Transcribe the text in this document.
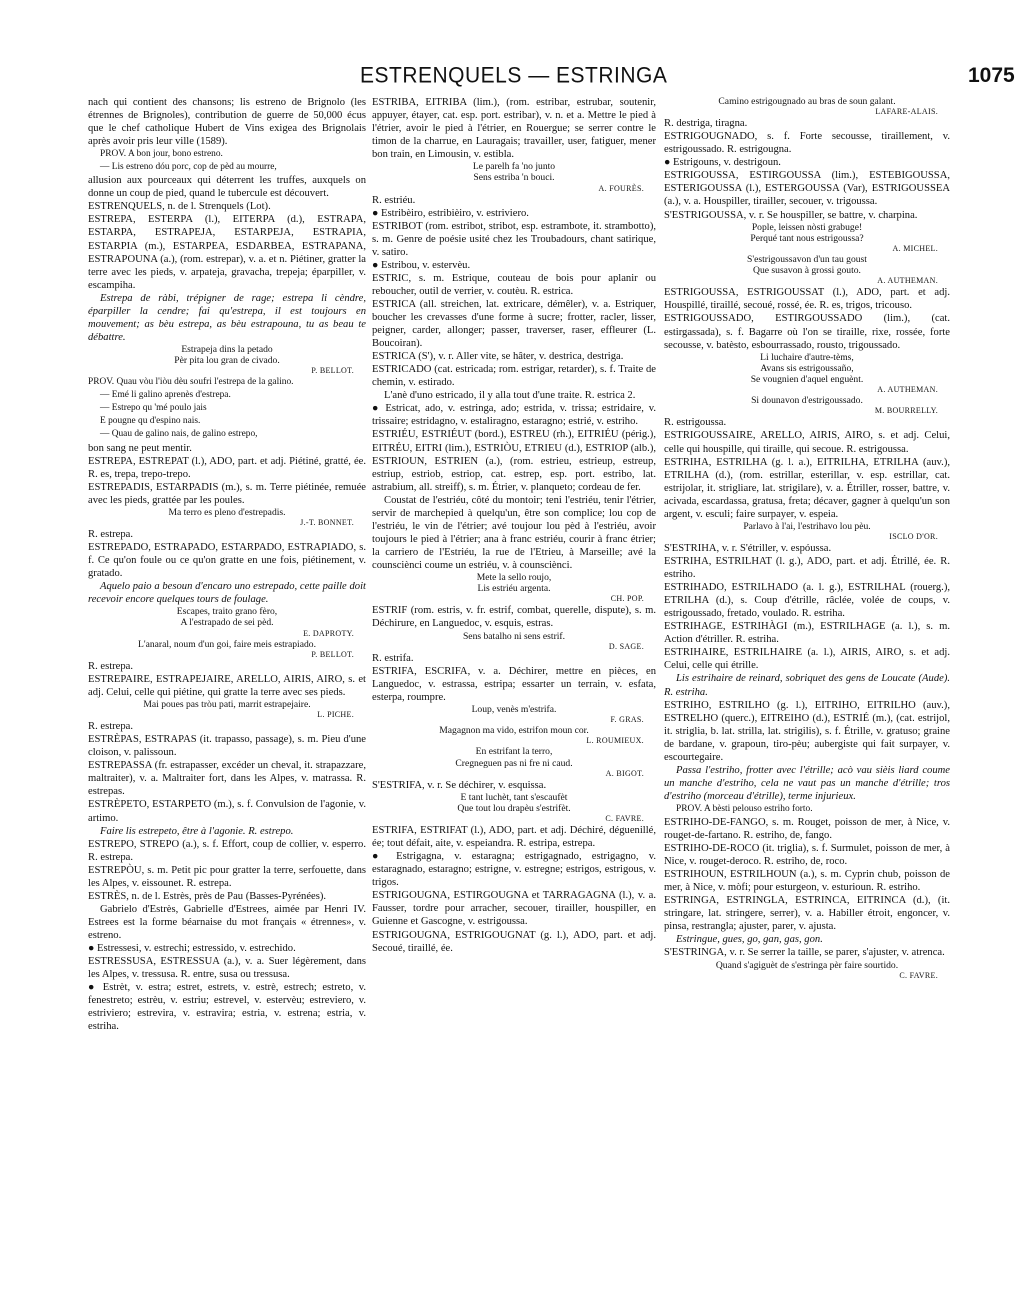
ESTRENQUELS — ESTRINGA	1075

nach qui contient des chansons; lis estreno de Brignolo (les étrennes de Brignoles), contribution de guerre de 50,000 écus que le chef catholique Hubert de Vins exigea des Brignolais après avoir pris leur ville (1589).

PROV. A bon jour, bono estreno.

— Lis estreno dóu porc, cop de pèd au mourre,

allusion aux pourceaux qui déterrent les truffes, auxquels on donne un coup de pied, quand le tubercule est découvert.

ESTRENQUELS, n. de l. Strenquels (Lot).

ESTREPA, ESTERPA (l.), EITERPA (d.), ESTRAPA, ESTARPA, ESTRAPEJA, ESTARPEJA, ESTRAPIA, ESTARPIA (m.), ESTARPEA, ESDARBEA, ESTRAPANA, ESTRAPOUNA (a.), (rom. estrepar), v. a. et n. Piétiner, gratter la terre avec les pieds, v. arpateja, gravacha, trepeja; éparpiller, v. escampiha.

Estrepa de ràbi, trépigner de rage; estrepa li cèndre, éparpiller la cendre; fai qu'estrepa, il est toujours en mouvement; as bèu estrepa, as bèu estrapouna, tu as beau te débattre.

Estrapeja dins la petado

Pèr pita lou gran de civado.

P. BELLOT.

PROV. Quau vòu l'iòu dèu soufri l'estrepa de la galino.

— Emé li galino aprenès d'estrepa.

— Estrepo qu 'mé poulo jais

E pougne qu d'espino nais.

— Quau de galino nais, de galino estrepo,

bon sang ne peut mentir.

ESTREPA, ESTREPAT (l.), ADO, part. et adj. Piétiné, gratté, ée. R. es, trepa, trepo-trepo.

ESTREPADIS, ESTARPADIS (m.), s. m. Terre piétinée, remuée avec les pieds, grattée par les poules.

Ma terro es pleno d'estrepadis.

J.-T. BONNET.

R. estrepa.

ESTREPADO, ESTRAPADO, ESTARPADO, ESTRAPIADO, s. f. Ce qu'on foule ou ce qu'on gratte en une fois, piétinement, v. gratado.

Aquelo paio a besoun d'encaro uno estrepado, cette paille doit recevoir encore quelques tours de foulage.

Escapes, traito grano fèro,

A l'estrapado de sei pèd.

E. DAPROTY.

L'anaral, noum d'un goi, faire meis estrapiado.

P. BELLOT.

R. estrepa.

ESTREPAIRE, ESTRAPEJAIRE, ARELLO, AIRIS, AIRO, s. et adj. Celui, celle qui piétine, qui gratte la terre avec ses pieds.

Mai poues pas tròu pati, marrit estrapejaire.

L. PICHE.

R. estrepa.

ESTRÈPAS, ESTRAPAS (it. trapasso, passage), s. m. Pieu d'une cloison, v. palissoun.

ESTREPASSA (fr. estrapasser, excéder un cheval, it. strapazzare, maltraiter), v. a. Maltraiter fort, dans les Alpes, v. matrassa. R. estrepas.

ESTRÈPETO, ESTARPETO (m.), s. f. Convulsion de l'agonie, v. artimo.

Faire lis estrepeto, être à l'agonie. R. estrepo.

ESTREPO, STREPO (a.), s. f. Effort, coup de collier, v. esperro. R. estrepa.

ESTREPÒU, s. m. Petit pic pour gratter la terre, serfouette, dans les Alpes, v. eissounet. R. estrepa.

ESTRÈS, n. de l. Estrès, près de Pau (Basses-Pyrénées).

Gabrielo d'Estrès, Gabrielle d'Estrees, aimée par Henri IV. Estrees est la forme béarnaise du mot français « étrennes», v. estreno.

● Estressesi, v. estrechi; estressido, v. estrechido.

ESTRESSUSA, ESTRESSUA (a.), v. a. Suer légèrement, dans les Alpes, v. tressusa. R. entre, susa ou tressusa.

● Estrèt, v. estra; estret, estrets, v. estrè, estrech; estreto, v. fenestreto; estrèu, v. estriu; estrevel, v. estervèu; estreviero, v. estriviero; estrevira, v. estravira; estria, v. estrena; estria, v. estriha.

ESTRIBA, EITRIBA (lim.), (rom. estribar, estrubar, soutenir, appuyer, étayer, cat. esp. port. estribar), v. n. et a. Mettre le pied à l'étrier, avoir le pied à l'étrier, en Rouergue; se serrer contre le timon de la charrue, en Lauragais; travailler, user, fatiguer, mener bon train, en Limousin, v. estibla.

Le parelh fa 'no junto

Sens estriba 'n bouci.

A. FOURÈS.

R. estriéu.

● Estribèiro, estribièiro, v. estriviero.

ESTRIBOT (rom. estribot, stribot, esp. estrambote, it. strambotto), s. m. Genre de poésie usité chez les Troubadours, chant satirique, v. satiro.

● Estribou, v. estervèu.

ESTRIC, s. m. Estrique, couteau de bois pour aplanir ou reboucher, outil de verrier, v. coutèu. R. estrica.

ESTRICA (all. streichen, lat. extricare, démêler), v. a. Estriquer, boucher les crevasses d'une forme à sucre; frotter, racler, lisser, peigner, carder, allonger; passer, traverser, raser, effleurer (L. Boucoiran).

ESTRICA (S'), v. r. Aller vite, se hâter, v. destrica, destriga.

ESTRICADO (cat. estricada; rom. estrigar, retarder), s. f. Traite de chemin, v. estirado.

L'anè d'uno estricado, il y alla tout d'une traite. R. estrica 2.

● Estricat, ado, v. estringa, ado; estrida, v. trissa; estridaire, v. trissaire; estridagno, v. estaliragno, estaragno; estrié, v. estriho.

ESTRIÉU, ESTRIÉUT (bord.), ESTREU (rh.), EITRIÉU (périg.), EITRÉU, EITRI (lim.), ESTRIÒU, ETRIEU (d.), ESTRIOP (alb.), ESTRIOUN, ESTRIEN (a.), (rom. estrieu, estrieup, estreup, estriup, estriob, estriop, cat. estrep, esp. port. estribo, lat. astrabium, all. streiff), s. m. Étrier, v. planqueto; cordeau de fer.

Coustat de l'estriéu, côté du montoir; teni l'estriéu, tenir l'étrier, servir de marchepied à quelqu'un, être son complice; lou cop de l'estriéu, le vin de l'étrier; avé toujour lou pèd à l'estriéu, avoir toujours le pied à l'étrier; ana à franc estriéu, courir à franc étrier; la carriero de l'Estriéu, la rue de l'Etrieu, à Marseille; avé la counsciènci coume un estriéu, v. à counsciènci.

Mete la sello roujo,

Lis estriéu argenta.

CH. POP.

ESTRIF (rom. estris, v. fr. estrif, combat, querelle, dispute), s. m. Déchirure, en Languedoc, v. esquis, estras.

Sens batalho ni sens estrif.

D. SAGE.

R. estrifa.

ESTRIFA, ESCRIFA, v. a. Déchirer, mettre en pièces, en Languedoc, v. estrassa, estripa; essarter un terrain, v. esfata, esterpa, roumpre.

Loup, venès m'estrifa.

F. GRAS.

Magagnon ma vido, estrifon moun cor.

L. ROUMIEUX.

En estrifant la terro,

Cregneguen pas ni fre ni caud.

A. BIGOT.

S'ESTRIFA, v. r. Se déchirer, v. esquissa.

E tant luchèt, tant s'escaufèt

Que tout lou drapèu s'estrifèt.

C. FAVRE.

ESTRIFA, ESTRIFAT (l.), ADO, part. et adj. Déchiré, déguenillé, ée; tout défait, aite, v. espeiandra. R. estripa, estrepa.

● Estrigagna, v. estaragna; estrigagnado, estrigagno, v. estaragnado, estaragno; estrigne, v. estregne; estrigos, estrigous, v. trigos.

ESTRIGOUGNA, ESTIRGOUGNA et TARRAGAGNA (l.), v. a. Fausser, tordre pour arracher, secouer, tirailler, houspiller, en Guienne et Gascogne, v. estrigoussa.

ESTRIGOUGNA, ESTRIGOUGNAT (g. l.), ADO, part. et adj. Secoué, tiraillé, ée.

Camino estrigougnado au bras de soun galant.

LAFARE-ALAIS.

R. destriga, tiragna.

ESTRIGOUGNADO, s. f. Forte secousse, tiraillement, v. estrigoussado. R. estrigougna.

● Estrigouns, v. destrigoun.

ESTRIGOUSSA, ESTIRGOUSSA (lim.), ESTEBIGOUSSA, ESTERIGOUSSA (l.), ESTERGOUSSA (Var), ESTRIGOUSSEA (a.), v. a. Houspiller, tirailler, secouer, v. trigoussa.

S'ESTRIGOUSSA, v. r. Se houspiller, se battre, v. charpina.

Pople, leissen nòsti grabuge!

Perqué tant nous estrigoussa?

A. MICHEL.

S'estrigoussavon d'un tau goust

Que susavon à grossi gouto.

A. AUTHEMAN.

ESTRIGOUSSA, ESTRIGOUSSAT (l.), ADO, part. et adj. Houspillé, tiraillé, secoué, rossé, ée. R. es, trigos, tricouso.

ESTRIGOUSSADO, ESTIRGOUSSADO (lim.), (cat. estirgassada), s. f. Bagarre où l'on se tiraille, rixe, rossée, forte secousse, v. batèsto, esbourrassado, rousto, trigoussado.

Li luchaire d'autre-tèms,

Avans sis estrigoussaño,

Se vougnien d'aquel enguènt.

A. AUTHEMAN.

Si dounavon d'estrigoussado.

M. BOURRELLY.

R. estrigoussa.

ESTRIGOUSSAIRE, ARELLO, AIRIS, AIRO, s. et adj. Celui, celle qui houspille, qui tiraille, qui secoue. R. estrigoussa.

ESTRIHA, ESTRILHA (g. l. a.), EITRILHA, ETRILHA (auv.), ETRILHA (d.), (rom. estrillar, esterillar, v. esp. estrillar, cat. estrijolar, it. strigliare, lat. strigilare), v. a. Étriller, rosser, battre, v. acivada, escardassa, gratusa, freta; décaver, gagner à quelqu'un son argent, v. esculi; faire surpayer, v. espeia.

Parlavo à l'ai, l'estrihavo lou pèu.

ISCLO D'OR.

S'ESTRIHA, v. r. S'étriller, v. espóussa.

ESTRIHA, ESTRILHAT (l. g.), ADO, part. et adj. Étrillé, ée. R. estriho.

ESTRIHADO, ESTRILHADO (a. l. g.), ESTRILHAL (rouerg.), ETRILHA (d.), s. Coup d'étrille, râclée, volée de coups, v. estrigoussado, fretado, voulado. R. estriha.

ESTRIHAGE, ESTRIHÀGI (m.), ESTRILHAGE (a. l.), s. m. Action d'étriller. R. estriha.

ESTRIHAIRE, ESTRILHAIRE (a. l.), AIRIS, AIRO, s. et adj. Celui, celle qui étrille.

Lis estrihaire de reinard, sobriquet des gens de Loucate (Aude). R. estriha.

ESTRIHO, ESTRILHO (g. l.), EITRIHO, EITRILHO (auv.), ESTRELHO (querc.), EITREIHO (d.), ESTRIÉ (m.), (cat. estrijol, it. striglia, b. lat. strilla, lat. strigilis), s. f. Étrille, v. gratuso; graine de bardane, v. grapoun, tiro-pèu; aubergiste qui fait surpayer, v. escourtegaire.

Passa l'estriho, frotter avec l'étrille; acò vau sièis liard coume un manche d'estriho, cela ne vaut pas un manche d'étrille; tros d'estriho (morceau d'étrille), terme injurieux.

PROV. A bèsti pelouso estriho forto.

ESTRIHO-DE-FANGO, s. m. Rouget, poisson de mer, à Nice, v. rouget-de-fartano. R. estriho, de, fango.

ESTRIHO-DE-ROCO (it. triglia), s. f. Surmulet, poisson de mer, à Nice, v. rouget-deroco. R. estriho, de, roco.

ESTRIHOUN, ESTRILHOUN (a.), s. m. Cyprin chub, poisson de mer, à Nice, v. mòfi; pour esturgeon, v. esturioun. R. estriho.

ESTRINGA, ESTRINGLA, ESTRINCA, EITRINCA (d.), (it. stringare, lat. stringere, serrer), v. a. Habiller étroit, engoncer, v. pinsa, restrangla; ajuster, parer, v. ajusta.

Estringue, gues, go, gan, gas, gon.

S'ESTRINGA, v. r. Se serrer la taille, se parer, s'ajuster, v. atrenca.

Quand s'agiguèt de s'estringa pèr faire sourtido.

C. FAVRE.
